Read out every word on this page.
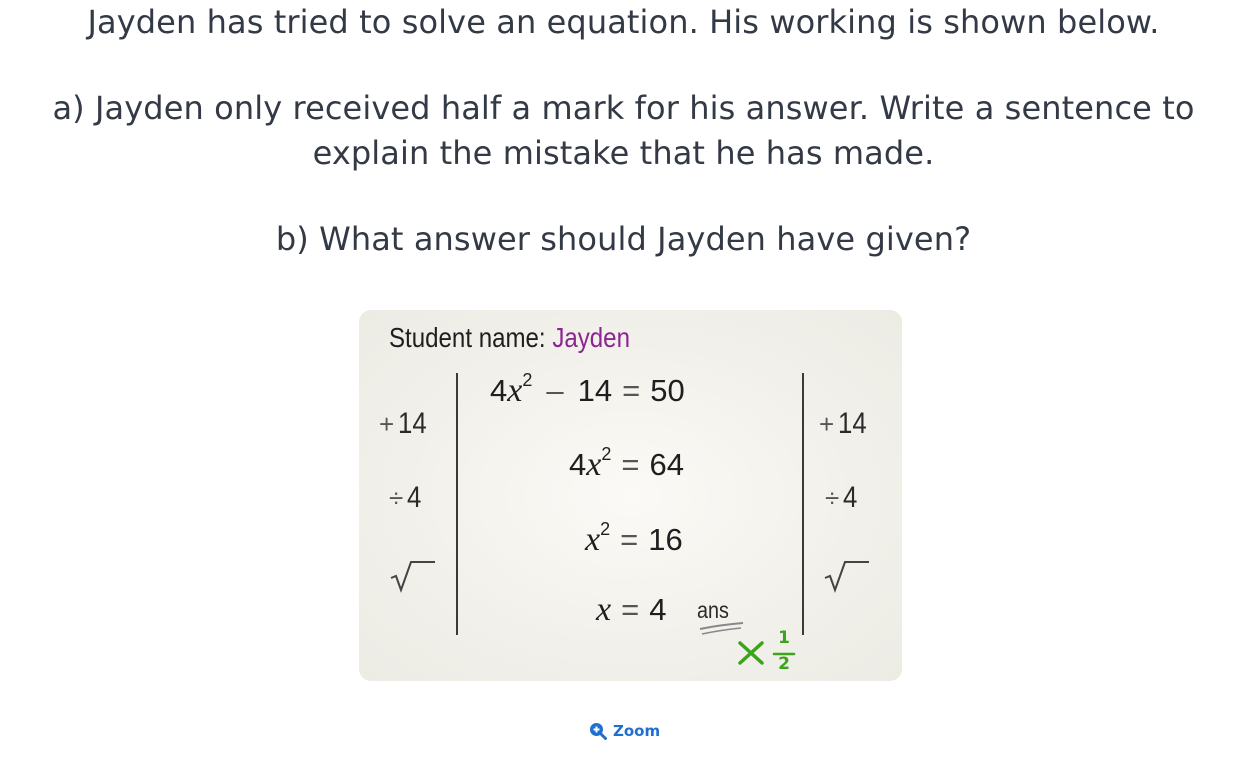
Jayden has tried to solve an equation. His working is shown below.
a) Jayden only received half a mark for his answer. Write a sentence to
explain the mistake that he has made.
b) What answer should Jayden have given?
Student name: Jayden
+ 14
÷ 4
+ 14
÷ 4
$4x^2 - 14 = 50$
$4x^2 = 64$
$x^2 = 16$
x = 4 ans
1
2
Zoom
